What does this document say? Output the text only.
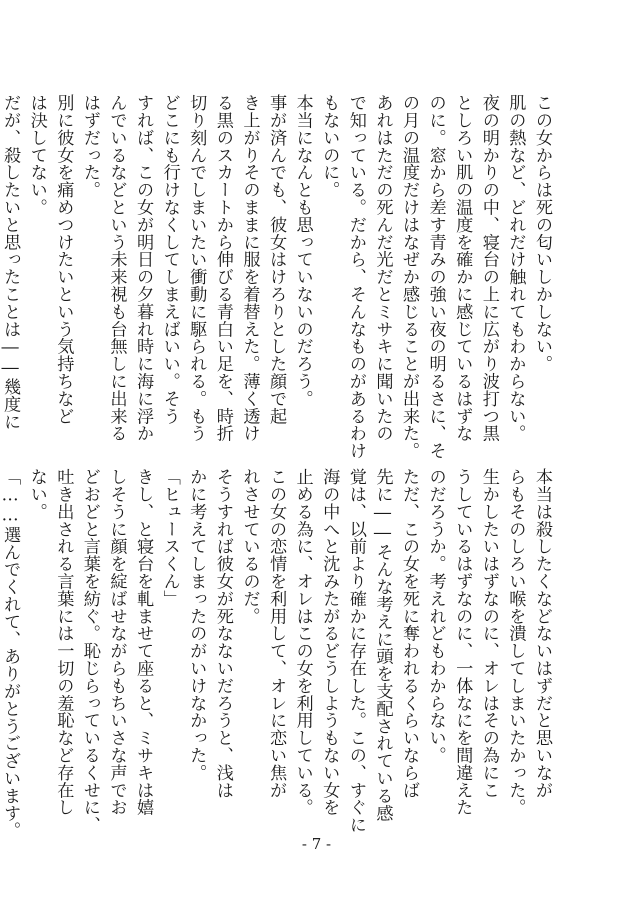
この女からは死の匂いしかしない。
肌の熱など、どれだけ触れてもわからない。
夜の明かりの中、寝台の上に広がり波打つ黒
としろい肌の温度を確かに感じているはずな
のに。窓から差す青みの強い夜の明るさに、そ
の月の温度だけはなぜか感じることが出来た。
あれはただの死んだ光だとミサキに聞いたの
で知っている。だから、そんなものがあるわけ
もないのに。
本当になんとも思っていないのだろう。
事が済んでも、彼女はけろりとした顔で起
き上がりそのままに服を着替えた。薄く透け
る黒のスカートから伸びる青白い足を、時折
切り刻んでしまいたい衝動に駆られる。もう
どこにも行けなくしてしまえばいい。そう
すれば、この女が明日の夕暮れ時に海に浮か
んでいるなどという未来視も台無しに出来る
はずだった。
別に彼女を痛めつけたいという気持ちなど
は決してない。
だが、殺したいと思ったことは――幾度に
本当は殺したくなどないはずだと思いなが
らもそのしろい喉を潰してしまいたかった。
生かしたいはずなのに、オレはその為にこ
うしているはずなのに、一体なにを間違えた
のだろうか。考えれどもわからない。
ただ、この女を死に奪われるくらいならば
先に――そんな考えに頭を支配されている感
覚は、以前より確かに存在した。この、すぐに
海の中へと沈みたがるどうしようもない女を
止める為に、オレはこの女を利用している。
この女の恋情を利用して、オレに恋い焦が
れさせているのだ。
そうすれば彼女が死なないだろうと、浅は
かに考えてしまったのがいけなかった。
「ヒュースくん」
きし、と寝台を軋ませて座ると、ミサキは嬉
しそうに顔を綻ばせながらもちいさな声でお
どおどと言葉を紡ぐ。恥じらっているくせに、
吐き出される言葉には一切の羞恥など存在し
ない。
「……選んでくれて、ありがとうございます。
- 7 -
